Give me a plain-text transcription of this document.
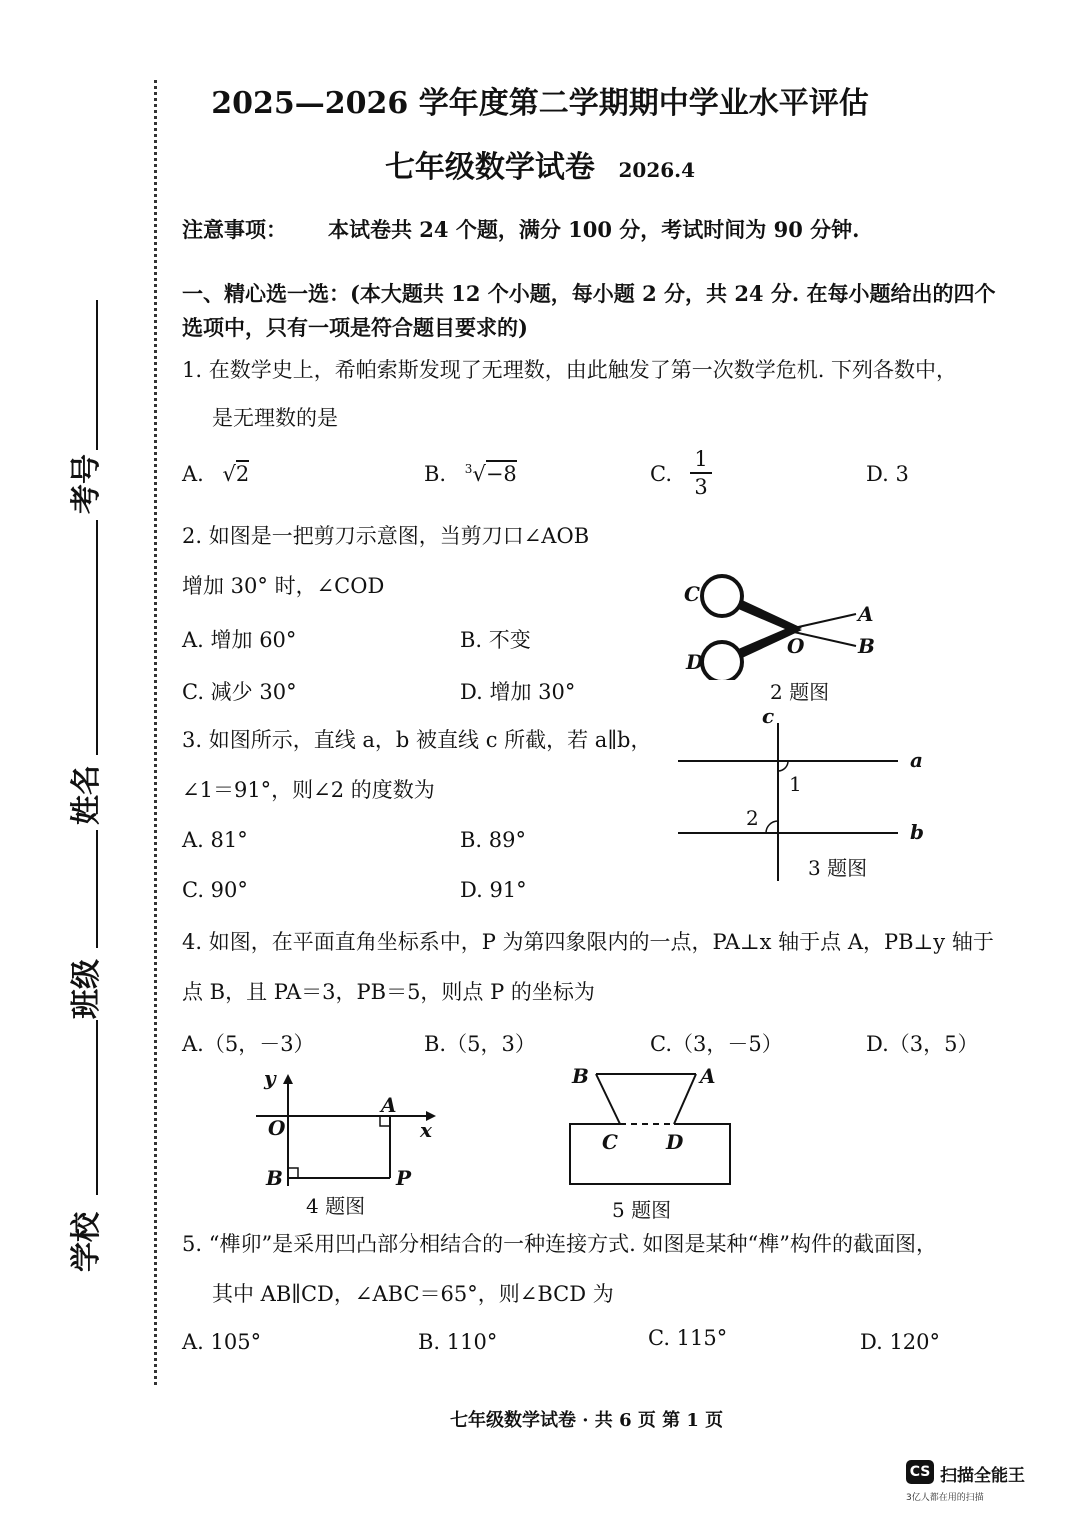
考号
姓名
班级
学校
2025—2026 学年度第二学期期中学业水平评估
七年级数学试卷 2026.4
注意事项： 本试卷共 24 个题，满分 100 分，考试时间为 90 分钟.
一、精心选一选：(本大题共 12 个小题，每小题 2 分，共 24 分. 在每小题给出的四个
选项中，只有一项是符合题目要求的)
1. 在数学史上，希帕索斯发现了无理数，由此触发了第一次数学危机. 下列各数中，
是无理数的是
A. √2	B. $^3$√−8	C. $\frac{1}{3}$	D. 3
2. 如图是一把剪刀示意图，当剪刀口∠AOB
增加 30° 时，∠COD
A. 增加 60°	B. 不变
C. 减少 30°	D. 增加 30°
C
D
O
A
B
2 题图
3. 如图所示，直线 a，b 被直线 c 所截，若 a∥b，
∠1＝91°，则∠2 的度数为
A. 81°	B. 89°
C. 90°	D. 91°
c
a
b
1
2
3 题图
4. 如图，在平面直角坐标系中，P 为第四象限内的一点，PA⊥x 轴于点 A，PB⊥y 轴于
点 B，且 PA＝3，PB＝5，则点 P 的坐标为
A.（5，－3）	B.（5，3）	C.（3，－5）	D.（3，5）
y
x
O
A
B	P
4 题图
B	A
C D
5 题图
5. “榫卯”是采用凹凸部分相结合的一种连接方式. 如图是某种“榫”构件的截面图，
其中 AB∥CD，∠ABC＝65°，则∠BCD 为
A. 105°	B. 110°	C. 115°	D. 120°
七年级数学试卷 · 共 6 页 第 1 页
CS 扫描全能王
3亿人都在用的扫描
